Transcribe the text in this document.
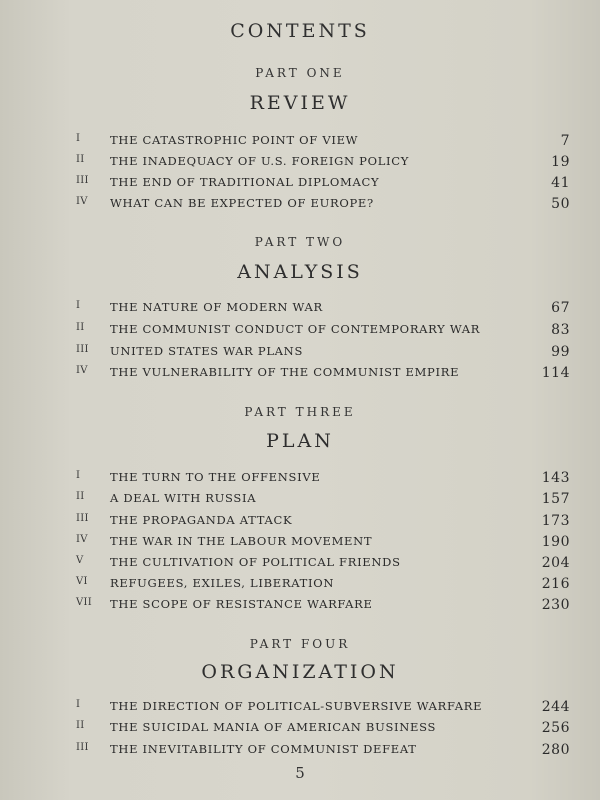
CONTENTS
PART ONE
REVIEW
I	THE CATASTROPHIC POINT OF VIEW	7
II THE INADEQUACY OF U.S. FOREIGN POLICY	19
III THE END OF TRADITIONAL DIPLOMACY	41
IV WHAT CAN BE EXPECTED OF EUROPE?	50
PART TWO
ANALYSIS
I	THE NATURE OF MODERN WAR	67
II THE COMMUNIST CONDUCT OF CONTEMPORARY WAR	83
III UNITED STATES WAR PLANS	99
IV THE VULNERABILITY OF THE COMMUNIST EMPIRE	114
PART THREE
PLAN
I	THE TURN TO THE OFFENSIVE	143
II A DEAL WITH RUSSIA	157
III THE PROPAGANDA ATTACK	173
IV THE WAR IN THE LABOUR MOVEMENT	190
V THE CULTIVATION OF POLITICAL FRIENDS	204
VI REFUGEES, EXILES, LIBERATION	216
VII THE SCOPE OF RESISTANCE WARFARE	230
PART FOUR
ORGANIZATION
I	THE DIRECTION OF POLITICAL-SUBVERSIVE WARFARE	244
II THE SUICIDAL MANIA OF AMERICAN BUSINESS	256
III THE INEVITABILITY OF COMMUNIST DEFEAT	280
5
